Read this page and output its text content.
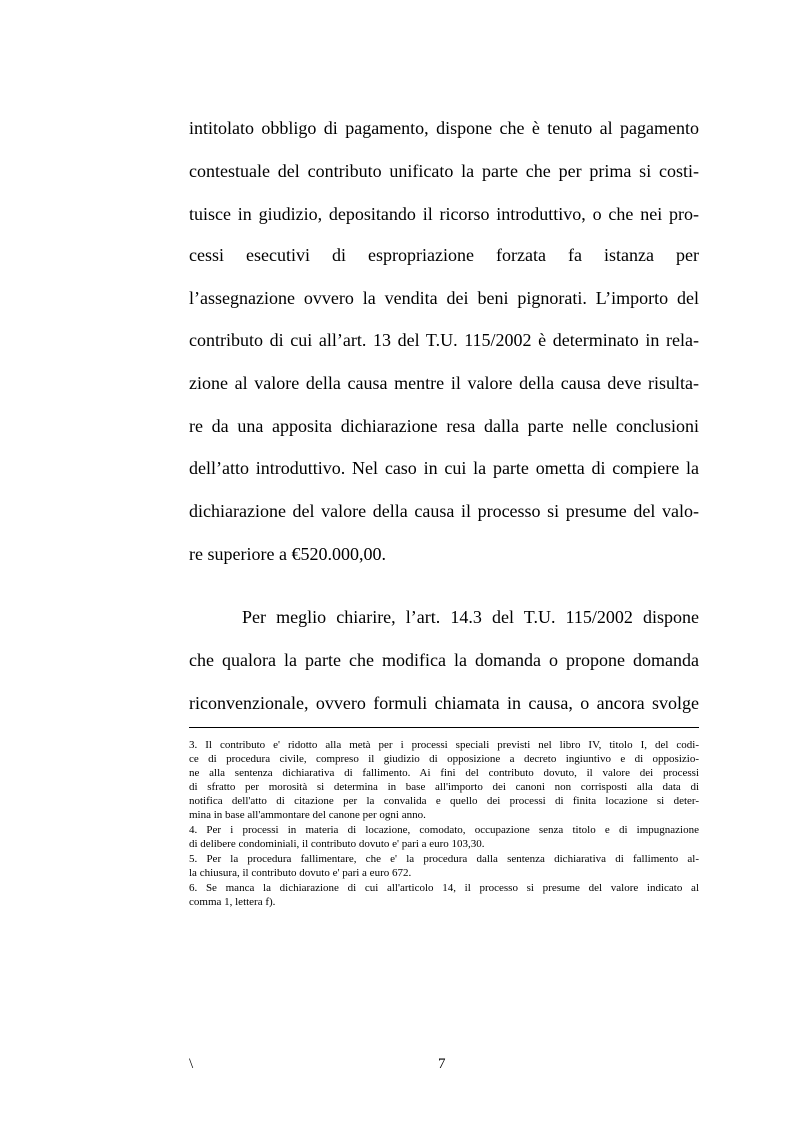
intitolato obbligo di pagamento, dispone che è tenuto al pagamento
contestuale del contributo unificato la parte che per prima si costi-
tuisce in giudizio, depositando il ricorso introduttivo, o che nei pro-
cessi esecutivi di espropriazione forzata fa istanza per
l’assegnazione ovvero la vendita dei beni pignorati. L’importo del
contributo di cui all’art. 13 del T.U. 115/2002 è determinato in rela-
zione al valore della causa mentre il valore della causa deve risulta-
re da una apposita dichiarazione resa dalla parte nelle conclusioni
dell’atto introduttivo. Nel caso in cui la parte ometta di compiere la
dichiarazione del valore della causa il processo si presume del valo-
re superiore a €520.000,00.
Per meglio chiarire, l’art. 14.3 del T.U. 115/2002 dispone
che qualora la parte che modifica la domanda o propone domanda
riconvenzionale, ovvero formuli chiamata in causa, o ancora svolge
3. Il contributo e' ridotto alla metà per i processi speciali previsti nel libro IV, titolo I, del codi-
ce di procedura civile, compreso il giudizio di opposizione a decreto ingiuntivo e di opposizio-
ne alla sentenza dichiarativa di fallimento. Ai fini del contributo dovuto, il valore dei processi
di sfratto per morosità si determina in base all'importo dei canoni non corrisposti alla data di
notifica dell'atto di citazione per la convalida e quello dei processi di finita locazione si deter-
mina in base all'ammontare del canone per ogni anno.
4. Per i processi in materia di locazione, comodato, occupazione senza titolo e di impugnazione
di delibere condominiali, il contributo dovuto e' pari a euro 103,30.
5. Per la procedura fallimentare, che e' la procedura dalla sentenza dichiarativa di fallimento al-
la chiusura, il contributo dovuto e' pari a euro 672.
6. Se manca la dichiarazione di cui all'articolo 14, il processo si presume del valore indicato al
comma 1, lettera f).
\	7
